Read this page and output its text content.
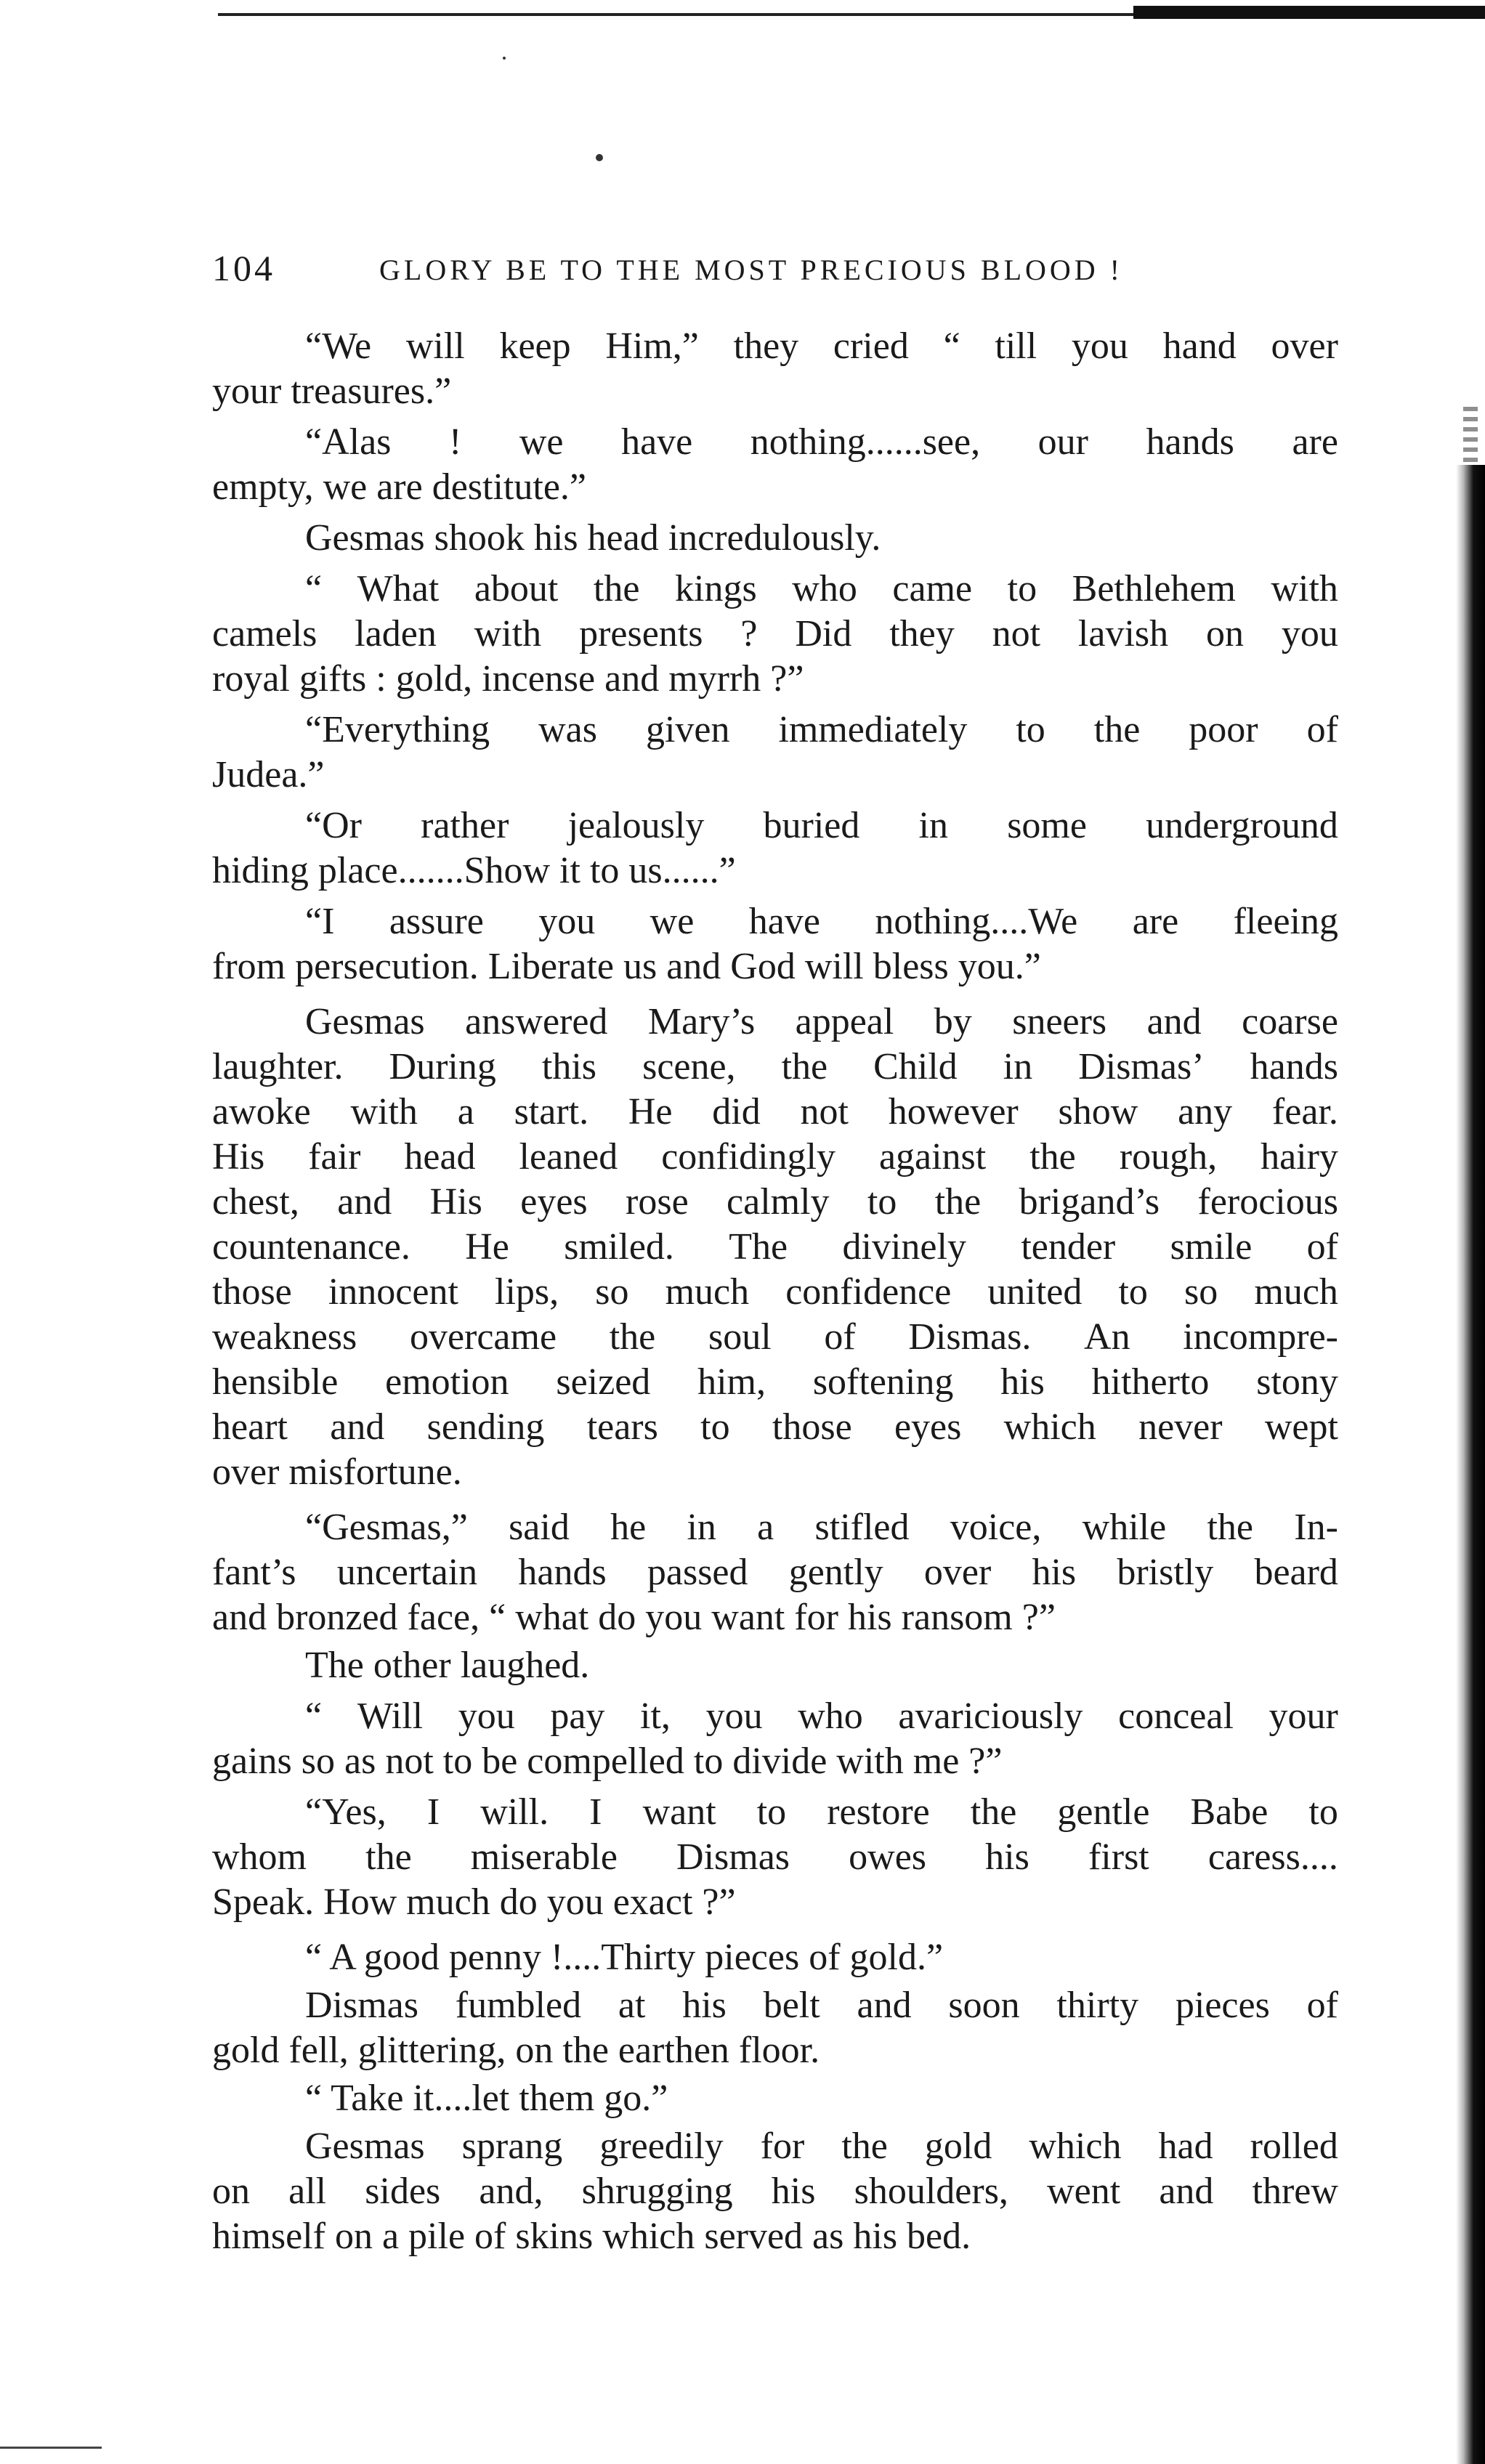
104	GLORY BE TO THE MOST PRECIOUS BLOOD !
“We will keep Him,” they cried “ till you hand over
your treasures.”
“Alas ! we have nothing......see, our hands are
empty, we are destitute.”
Gesmas shook his head incredulously.
“ What about the kings who came to Bethlehem with
camels laden with presents ? Did they not lavish on you
royal gifts : gold, incense and myrrh ?”
“Everything was given immediately to the poor of
Judea.”
“Or rather jealously buried in some underground
hiding place.......Show it to us......”
“I assure you we have nothing....We are fleeing
from persecution. Liberate us and God will bless you.”
Gesmas answered Mary’s appeal by sneers and coarse
laughter. During this scene, the Child in Dismas’ hands
awoke with a start. He did not however show any fear.
His fair head leaned confidingly against the rough, hairy
chest, and His eyes rose calmly to the brigand’s ferocious
countenance. He smiled. The divinely tender smile of
those innocent lips, so much confidence united to so much
weakness overcame the soul of Dismas. An incompre-
hensible emotion seized him, softening his hitherto stony
heart and sending tears to those eyes which never wept
over misfortune.
“Gesmas,” said he in a stifled voice, while the In-
fant’s uncertain hands passed gently over his bristly beard
and bronzed face, “ what do you want for his ransom ?”
The other laughed.
“ Will you pay it, you who avariciously conceal your
gains so as not to be compelled to divide with me ?”
“Yes, I will. I want to restore the gentle Babe to
whom the miserable Dismas owes his first caress....
Speak. How much do you exact ?”
“ A good penny !....Thirty pieces of gold.”
Dismas fumbled at his belt and soon thirty pieces of
gold fell, glittering, on the earthen floor.
“ Take it....let them go.”
Gesmas sprang greedily for the gold which had rolled
on all sides and, shrugging his shoulders, went and threw
himself on a pile of skins which served as his bed.
